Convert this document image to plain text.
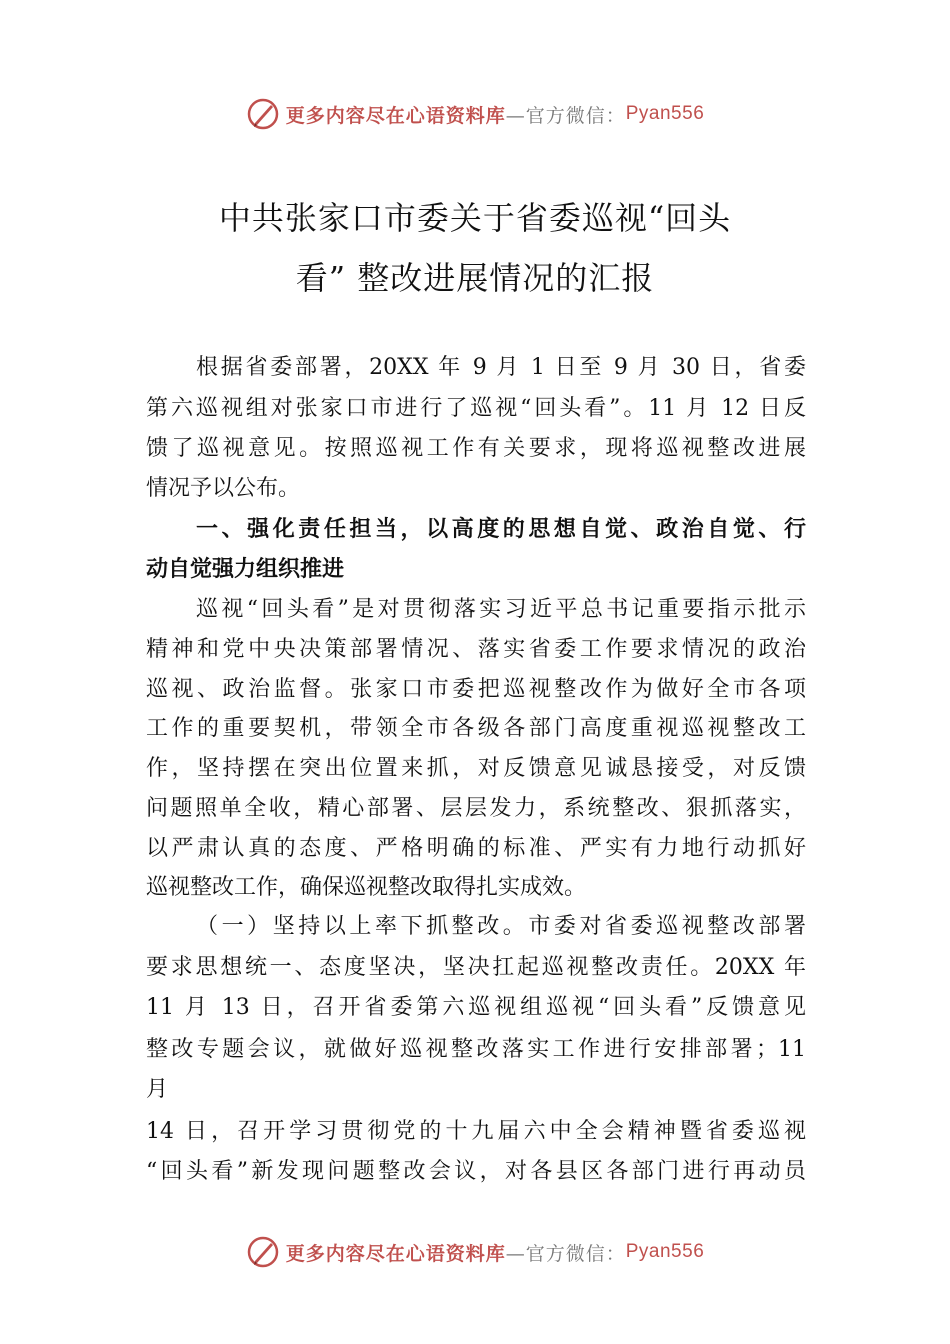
更多内容尽在心语资料库 —官方微信： Pyan556
中共张家口市委关于省委巡视“回头
看” 整改进展情况的汇报
根据省委部署，20XX 年 9 月 1 日至 9 月 30 日，省委
第六巡视组对张家口市进行了巡视“回头看”。11 月 12 日反
馈了巡视意见。按照巡视工作有关要求，现将巡视整改进展
情况予以公布。
一、强化责任担当，以高度的思想自觉、政治自觉、行
动自觉强力组织推进
巡视“回头看”是对贯彻落实习近平总书记重要指示批示
精神和党中央决策部署情况、落实省委工作要求情况的政治
巡视、政治监督。张家口市委把巡视整改作为做好全市各项
工作的重要契机，带领全市各级各部门高度重视巡视整改工
作，坚持摆在突出位置来抓，对反馈意见诚恳接受，对反馈
问题照单全收，精心部署、层层发力，系统整改、狠抓落实，
以严肃认真的态度、严格明确的标准、严实有力地行动抓好
巡视整改工作，确保巡视整改取得扎实成效。
（一）坚持以上率下抓整改。市委对省委巡视整改部署
要求思想统一、态度坚决，坚决扛起巡视整改责任。20XX 年
11 月 13 日，召开省委第六巡视组巡视“回头看”反馈意见
整改专题会议，就做好巡视整改落实工作进行安排部署；11
月
14 日，召开学习贯彻党的十九届六中全会精神暨省委巡视
“回头看”新发现问题整改会议，对各县区各部门进行再动员
更多内容尽在心语资料库 —官方微信： Pyan556
